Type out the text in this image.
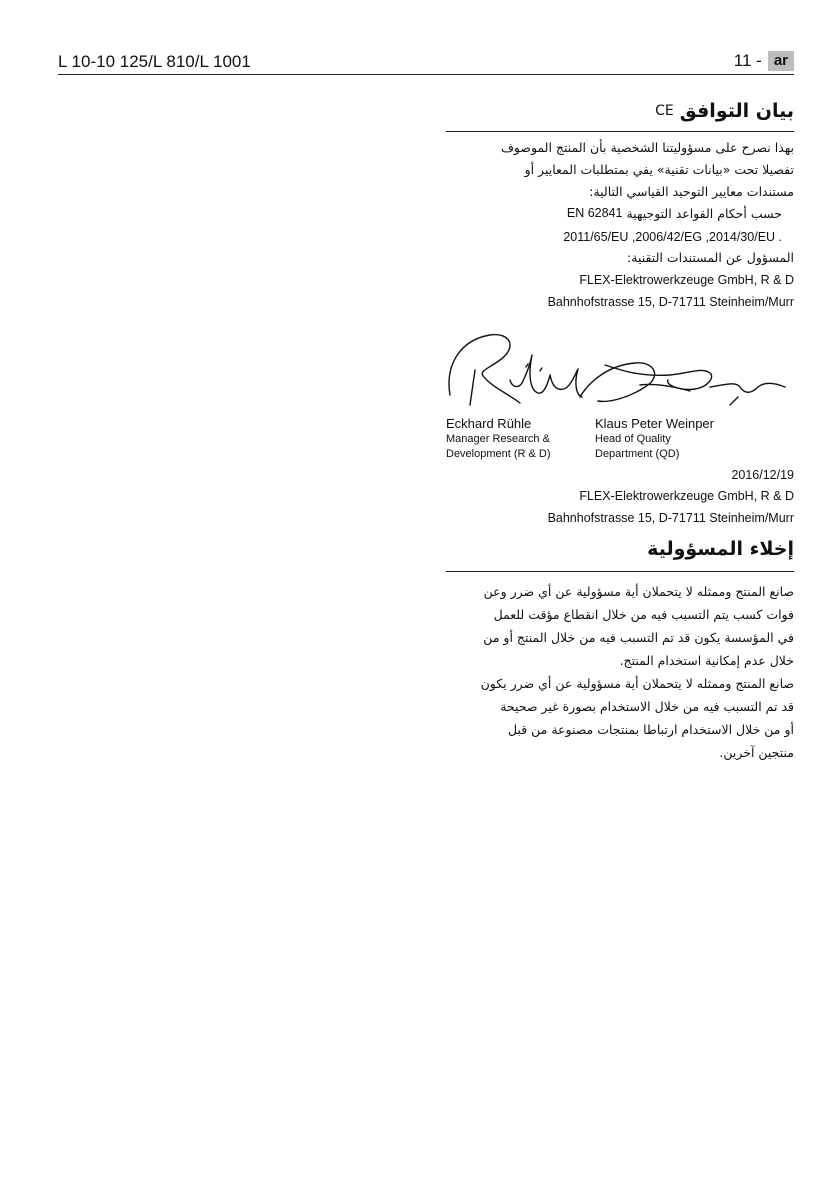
L 10-10 125/L 810/L 1001	11 - ar
بيان التوافق
CE
بهذا نصرح على مسؤوليتنا الشخصية بأن المنتج الموصوف
تفصيلا تحت «بيانات تقنية» يفي بمتطلبات المعايير أو
مستندات معايير التوحيد القياسي التالية:
حسب أحكام القواعد التوجيهية
EN 62841
2011/65/EU ,2006/42/EG ,2014/30/EU .
المسؤول عن المستندات التقنية:
FLEX-Elektrowerkzeuge GmbH, R & D
Bahnhofstrasse 15, D-71711 Steinheim/Murr
Eckhard Rühle
Manager Research &
Development (R & D)
Klaus Peter Weinper
Head of Quality
Department (QD)
2016/12/19
FLEX-Elektrowerkzeuge GmbH, R & D
Bahnhofstrasse 15, D-71711 Steinheim/Murr
إخلاء المسؤولية
صانع المنتج وممثله لا يتحملان أية مسؤولية عن أي ضرر وعن
فوات كسب يتم التسبب فيه من خلال انقطاع مؤقت للعمل
في المؤسسة يكون قد تم التسبب فيه من خلال المنتج أو من
خلال عدم إمكانية استخدام المنتج.
صانع المنتج وممثله لا يتحملان أية مسؤولية عن أي ضرر يكون
قد تم التسبب فيه من خلال الاستخدام بصورة غير صحيحة
أو من خلال الاستخدام ارتباطا بمنتجات مصنوعة من قبل
منتجين آخرين.
